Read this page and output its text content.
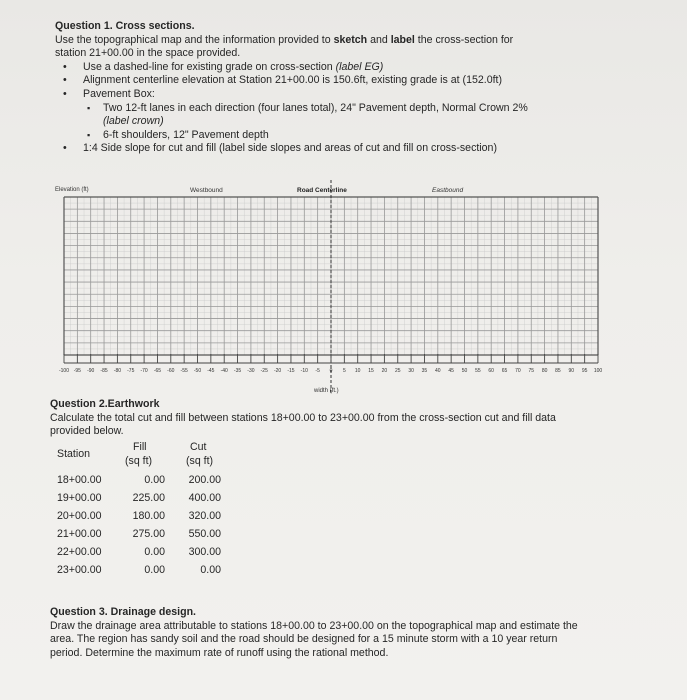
Question 1. Cross sections.
Use the topographical map and the information provided to sketch and label the cross-section for
station 21+00.00 in the space provided.
• Use a dashed-line for existing grade on cross-section (label EG)
• Alignment centerline elevation at Station 21+00.00 is 150.6ft, existing grade is at (152.0ft)
• Pavement Box:
▪ Two 12-ft lanes in each direction (four lanes total), 24" Pavement depth, Normal Crown 2%
(label crown)
▪ 6-ft shoulders, 12" Pavement depth
• 1:4 Side slope for cut and fill (label side slopes and areas of cut and fill on cross-section)
Elevation (ft)	Westbound	Road Centerline	Eastbound
-100 -95 -90 -85 -80 -75 -70 -65 -60 -55 -50 -45 -40 -35 -30 -25 -20 -15 -10 -5 0 5 10 15 20 25 30 35 40 45 50 55 60 65 70 75 80 85 90 95 100
width (ft.)
Question 2.Earthwork
Calculate the total cut and fill between stations 18+00.00 to 23+00.00 from the cross-section cut and fill data
provided below.
Station
Fill
(sq ft)
Cut
(sq ft)
18+00.00	0.00	200.00
19+00.00	225.00	400.00
20+00.00	180.00	320.00
21+00.00	275.00	550.00
22+00.00	0.00	300.00
23+00.00	0.00	0.00
Question 3. Drainage design.
Draw the drainage area attributable to stations 18+00.00 to 23+00.00 on the topographical map and estimate the
area. The region has sandy soil and the road should be designed for a 15 minute storm with a 10 year return
period. Determine the maximum rate of runoff using the rational method.
